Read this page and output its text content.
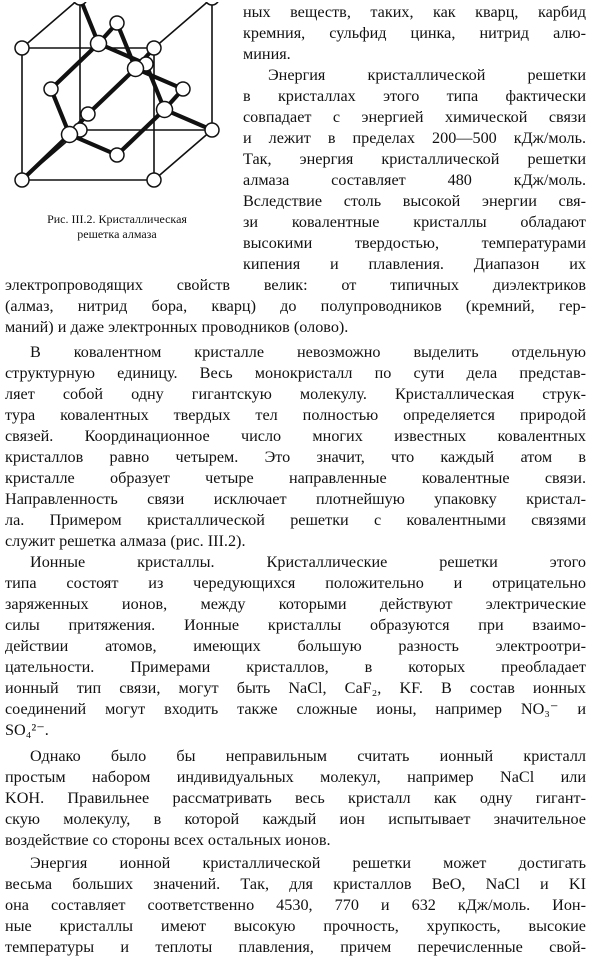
Рис. III.2. Кристаллическая
решетка алмаза
ных веществ, таких, как кварц, карбид
кремния, сульфид цинка, нитрид алю-
миния.
Энергия кристаллической решетки
в кристаллах этого типа фактически
совпадает с энергией химической связи
и лежит в пределах 200—500 кДж/моль.
Так, энергия кристаллической решетки
алмаза составляет 480 кДж/моль.
Вследствие столь высокой энергии свя-
зи ковалентные кристаллы обладают
высокими твердостью, температурами
кипения и плавления. Диапазон их
электропроводящих свойств велик: от типичных диэлектриков
(алмаз, нитрид бора, кварц) до полупроводников (кремний, гер-
маний) и даже электронных проводников (олово).
В ковалентном кристалле невозможно выделить отдельную
структурную единицу. Весь монокристалл по сути дела представ-
ляет собой одну гигантскую молекулу. Кристаллическая струк-
тура ковалентных твердых тел полностью определяется природой
связей. Координационное число многих известных ковалентных
кристаллов равно четырем. Это значит, что каждый атом в
кристалле образует четыре направленные ковалентные связи.
Направленность связи исключает плотнейшую упаковку кристал-
ла. Примером кристаллической решетки с ковалентными связями
служит решетка алмаза (рис. III.2).
Ионные кристаллы. Кристаллические решетки этого
типа состоят из чередующихся положительно и отрицательно
заряженных ионов, между которыми действуют электрические
силы притяжения. Ионные кристаллы образуются при взаимо-
действии атомов, имеющих большую разность электроотри-
цательности. Примерами кристаллов, в которых преобладает
ионный тип связи, могут быть NaCl, CaF₂, KF. В состав ионных
соединений могут входить также сложные ионы, например NO₃⁻ и
SO₄²⁻.
Однако было бы неправильным считать ионный кристалл
простым набором индивидуальных молекул, например NaCl или
KOH. Правильнее рассматривать весь кристалл как одну гигант-
скую молекулу, в которой каждый ион испытывает значительное
воздействие со стороны всех остальных ионов.
Энергия ионной кристаллической решетки может достигать
весьма больших значений. Так, для кристаллов BeO, NaCl и KI
она составляет соответственно 4530, 770 и 632 кДж/моль. Ион-
ные кристаллы имеют высокую прочность, хрупкость, высокие
температуры и теплоты плавления, причем перечисленные свой-
